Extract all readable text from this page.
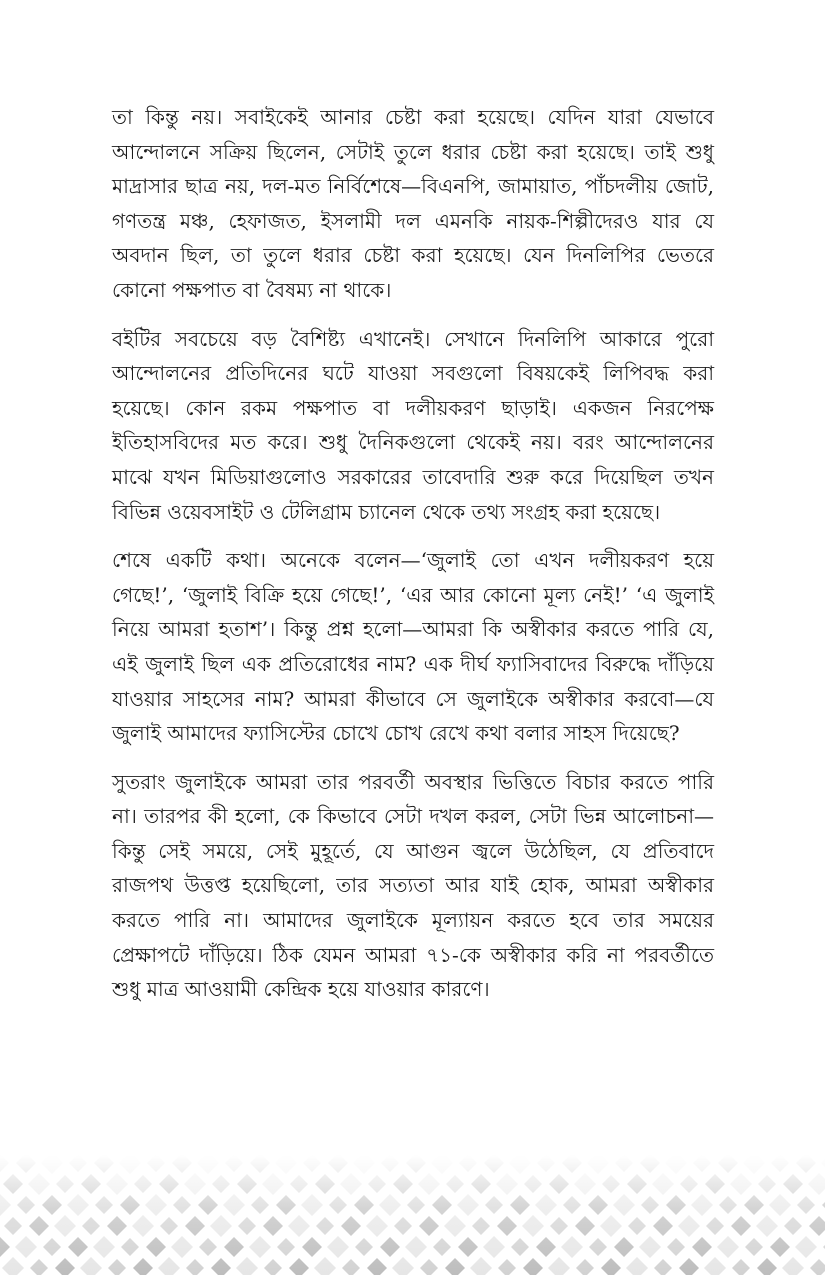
তা কিন্তু নয়। সবাইকেই আনার চেষ্টা করা হয়েছে। যেদিন যারা যেভাবে আন্দোলনে সক্রিয় ছিলেন, সেটাই তুলে ধরার চেষ্টা করা হয়েছে। তাই শুধু মাদ্রাসার ছাত্র নয়, দল-মত নির্বিশেষে—বিএনপি, জামায়াত, পাঁচদলীয় জোট, গণতন্ত্র মঞ্চ, হেফাজত, ইসলামী দল এমনকি নায়ক-শিল্পীদেরও যার যে অবদান ছিল, তা তুলে ধরার চেষ্টা করা হয়েছে। যেন দিনলিপির ভেতরে কোনো পক্ষপাত বা বৈষম্য না থাকে।

বইটির সবচেয়ে বড় বৈশিষ্ট্য এখানেই। সেখানে দিনলিপি আকারে পুরো আন্দোলনের প্রতিদিনের ঘটে যাওয়া সবগুলো বিষয়কেই লিপিবদ্ধ করা হয়েছে। কোন রকম পক্ষপাত বা দলীয়করণ ছাড়াই। একজন নিরপেক্ষ ইতিহাসবিদের মত করে। শুধু দৈনিকগুলো থেকেই নয়। বরং আন্দোলনের মাঝে যখন মিডিয়াগুলোও সরকারের তাবেদারি শুরু করে দিয়েছিল তখন বিভিন্ন ওয়েবসাইট ও টেলিগ্রাম চ্যানেল থেকে তথ্য সংগ্রহ করা হয়েছে।

শেষে একটি কথা। অনেকে বলেন—‘জুলাই তো এখন দলীয়করণ হয়ে গেছে!’, ‘জুলাই বিক্রি হয়ে গেছে!’, ‘এর আর কোনো মূল্য নেই!’ ‘এ জুলাই নিয়ে আমরা হতাশ’। কিন্তু প্রশ্ন হলো—আমরা কি অস্বীকার করতে পারি যে, এই জুলাই ছিল এক প্রতিরোধের নাম? এক দীর্ঘ ফ্যাসিবাদের বিরুদ্ধে দাঁড়িয়ে যাওয়ার সাহসের নাম? আমরা কীভাবে সে জুলাইকে অস্বীকার করবো—যে জুলাই আমাদের ফ্যাসিস্টের চোখে চোখ রেখে কথা বলার সাহস দিয়েছে?

সুতরাং জুলাইকে আমরা তার পরবর্তী অবস্থার ভিত্তিতে বিচার করতে পারি না। তারপর কী হলো, কে কিভাবে সেটা দখল করল, সেটা ভিন্ন আলোচনা— কিন্তু সেই সময়ে, সেই মুহূর্তে, যে আগুন জ্বলে উঠেছিল, যে প্রতিবাদে রাজপথ উত্তপ্ত হয়েছিলো, তার সত্যতা আর যাই হোক, আমরা অস্বীকার করতে পারি না। আমাদের জুলাইকে মূল্যায়ন করতে হবে তার সময়ের প্রেক্ষাপটে দাঁড়িয়ে। ঠিক যেমন আমরা ৭১-কে অস্বীকার করি না পরবর্তীতে শুধু মাত্র আওয়ামী কেন্দ্রিক হয়ে যাওয়ার কারণে।
